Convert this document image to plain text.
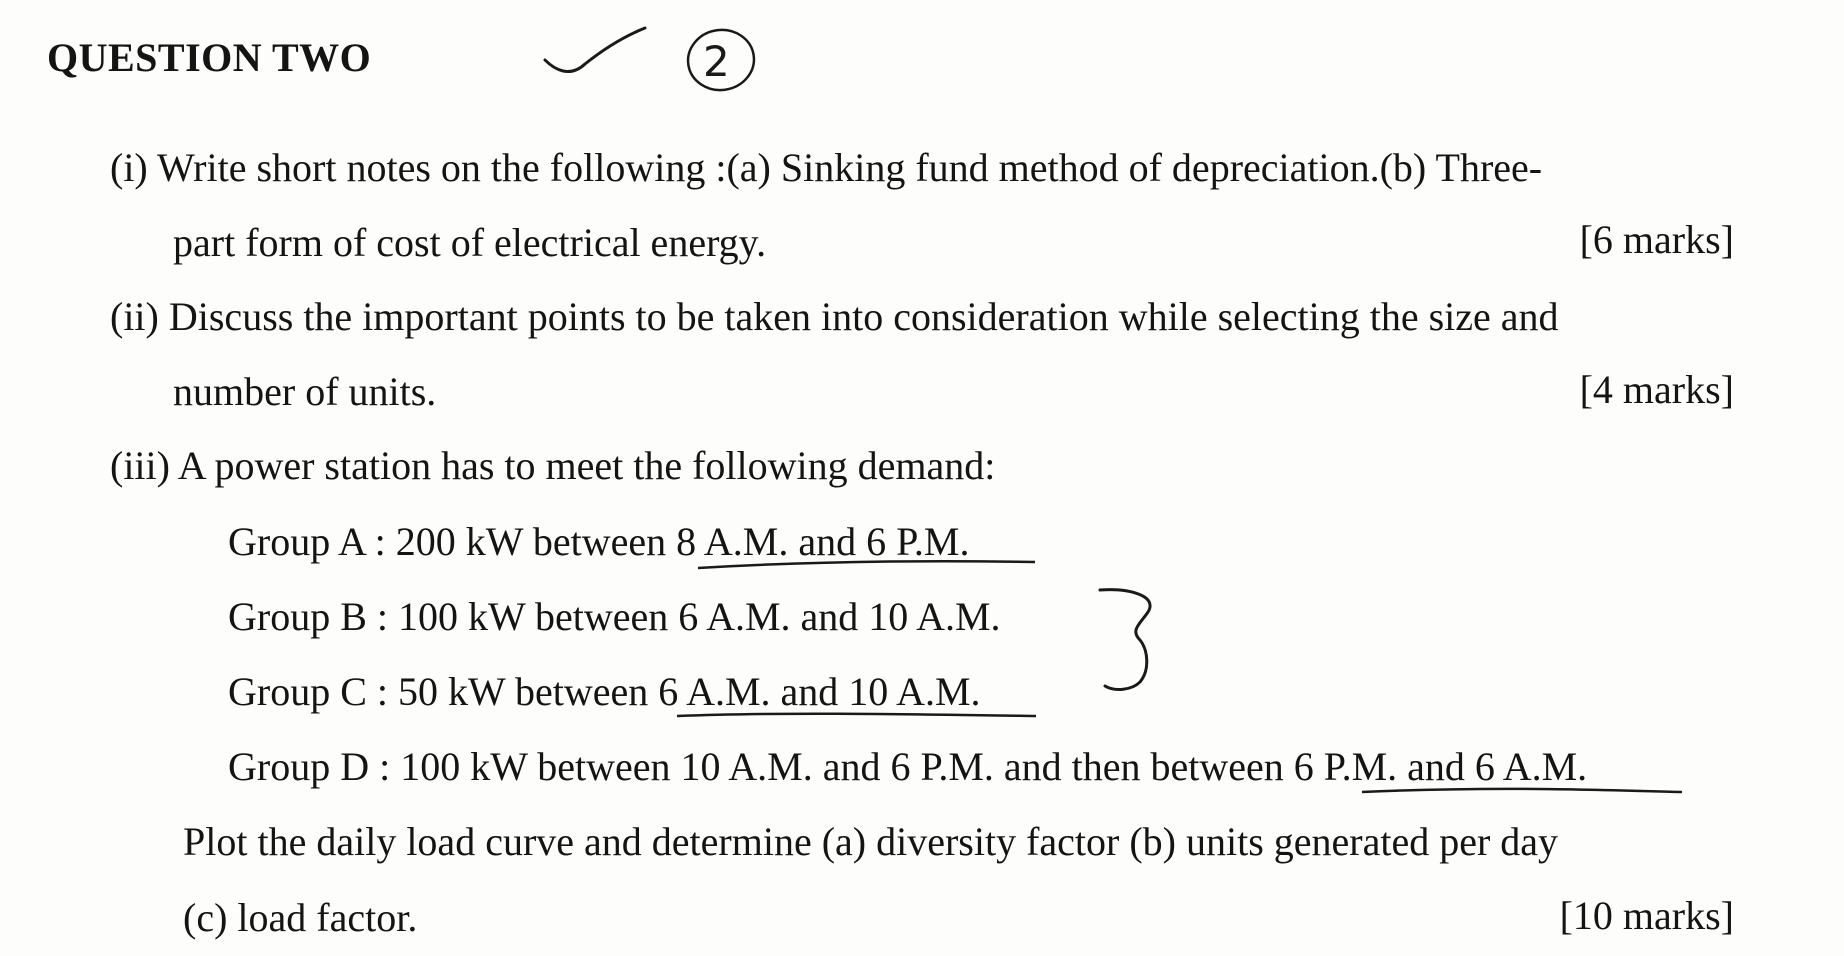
QUESTION TWO	2
(i) Write short notes on the following :(a) Sinking fund method of depreciation.(b) Three-
part form of cost of electrical energy.	[6 marks]
(ii) Discuss the important points to be taken into consideration while selecting the size and
number of units.	[4 marks]
(iii) A power station has to meet the following demand:
Group A : 200 kW between 8 A.M. and 6 P.M.
Group B : 100 kW between 6 A.M. and 10 A.M.
Group C : 50 kW between 6 A.M. and 10 A.M.
Group D : 100 kW between 10 A.M. and 6 P.M. and then between 6 P.M. and 6 A.M.
Plot the daily load curve and determine (a) diversity factor (b) units generated per day
(c) load factor.	[10 marks]
